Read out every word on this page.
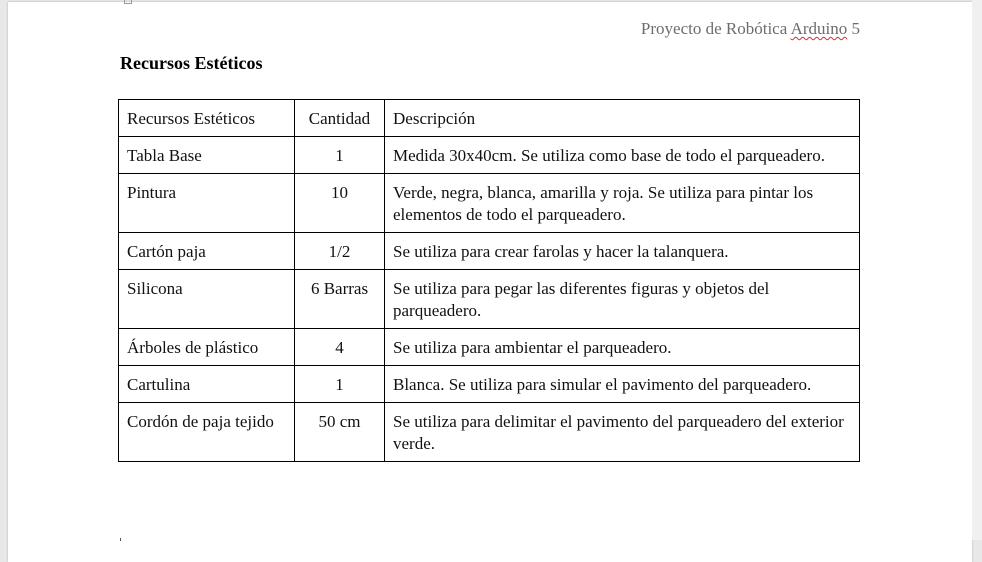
Proyecto de Robótica Arduino 5
Recursos Estéticos
Recursos Estéticos	Cantidad	Descripción
Tabla Base	1	Medida 30x40cm. Se utiliza como base de todo el parqueadero.
Pintura	10	Verde, negra, blanca, amarilla y roja. Se utiliza para pintar los elementos de todo el parqueadero.
Cartón paja	1/2	Se utiliza para crear farolas y hacer la talanquera.
Silicona	6 Barras	Se utiliza para pegar las diferentes figuras y objetos del parqueadero.
Árboles de plástico	4	Se utiliza para ambientar el parqueadero.
Cartulina	1	Blanca. Se utiliza para simular el pavimento del parqueadero.
Cordón de paja tejido	50 cm	Se utiliza para delimitar el pavimento del parqueadero del exterior verde.
